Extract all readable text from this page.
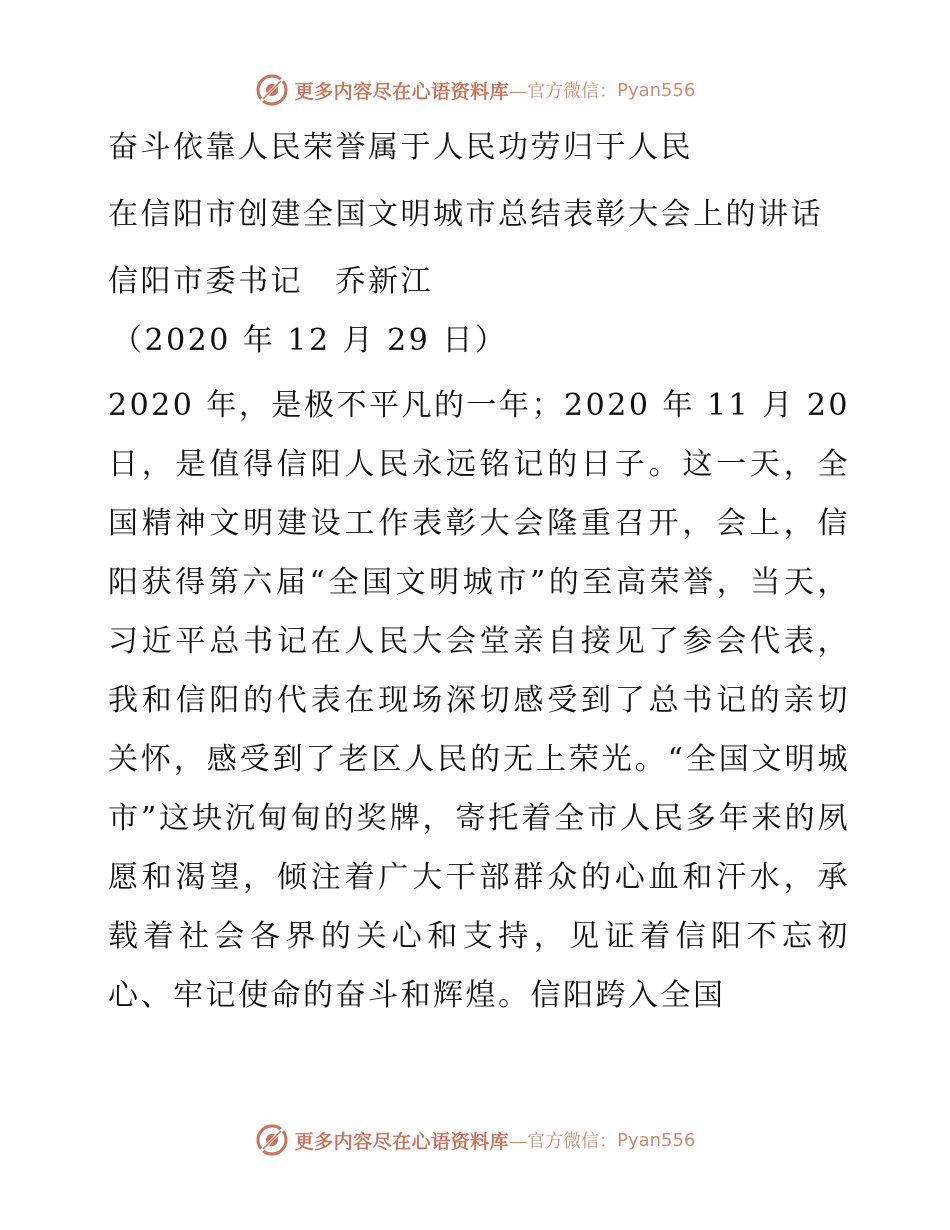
更多内容尽在心语资料库 —官方微信： Pyan556

奋斗依靠人民荣誉属于人民功劳归于人民

在信阳市创建全国文明城市总结表彰大会上的讲话

信阳市委书记　乔新江

（2020 年 12 月 29 日）

2020 年，是极不平凡的一年；2020 年 11 月 20 日，是值得信阳人民永远铭记的日子。这一天，全国精神文明建设工作表彰大会隆重召开，会上，信阳获得第六届“全国文明城市”的至高荣誉，当天，习近平总书记在人民大会堂亲自接见了参会代表，我和信阳的代表在现场深切感受到了总书记的亲切关怀，感受到了老区人民的无上荣光。“全国文明城市”这块沉甸甸的奖牌，寄托着全市人民多年来的夙愿和渴望，倾注着广大干部群众的心血和汗水，承载着社会各界的关心和支持，见证着信阳不忘初心、牢记使命的奋斗和辉煌。信阳跨入全国

更多内容尽在心语资料库 —官方微信： Pyan556
